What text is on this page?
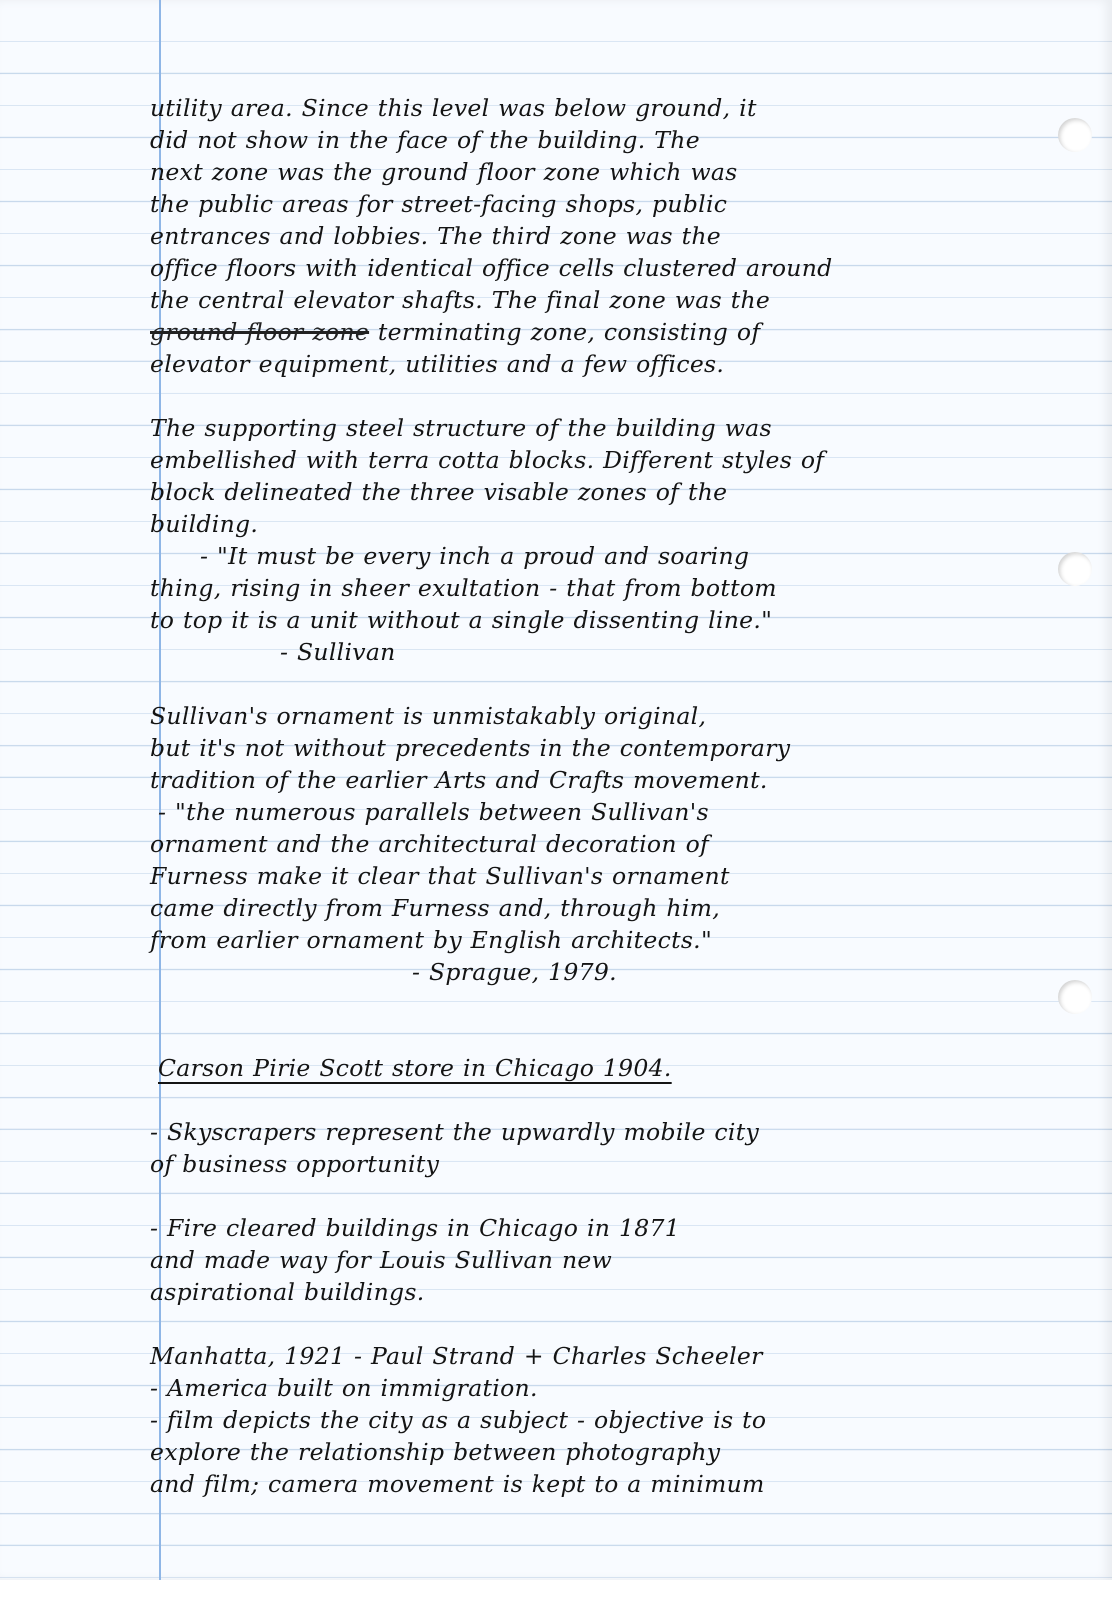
utility area. Since this level was below ground, it
did not show in the face of the building. The
next zone was the ground floor zone which was
the public areas for street-facing shops, public
entrances and lobbies. The third zone was the
office floors with identical office cells clustered around
the central elevator shafts. The final zone was the
ground floor zone terminating zone, consisting of
elevator equipment, utilities and a few offices.
The supporting steel structure of the building was
embellished with terra cotta blocks. Different styles of
block delineated the three visable zones of the
building.
- "It must be every inch a proud and soaring
thing, rising in sheer exultation - that from bottom
to top it is a unit without a single dissenting line."
- Sullivan
Sullivan's ornament is unmistakably original,
but it's not without precedents in the contemporary
tradition of the earlier Arts and Crafts movement.
- "the numerous parallels between Sullivan's
ornament and the architectural decoration of
Furness make it clear that Sullivan's ornament
came directly from Furness and, through him,
from earlier ornament by English architects."
- Sprague, 1979.
Carson Pirie Scott store in Chicago 1904.
- Skyscrapers represent the upwardly mobile city
of business opportunity
- Fire cleared buildings in Chicago in 1871
and made way for Louis Sullivan new
aspirational buildings.
Manhatta, 1921 - Paul Strand + Charles Scheeler
- America built on immigration.
- film depicts the city as a subject - objective is to
explore the relationship between photography
and film; camera movement is kept to a minimum
